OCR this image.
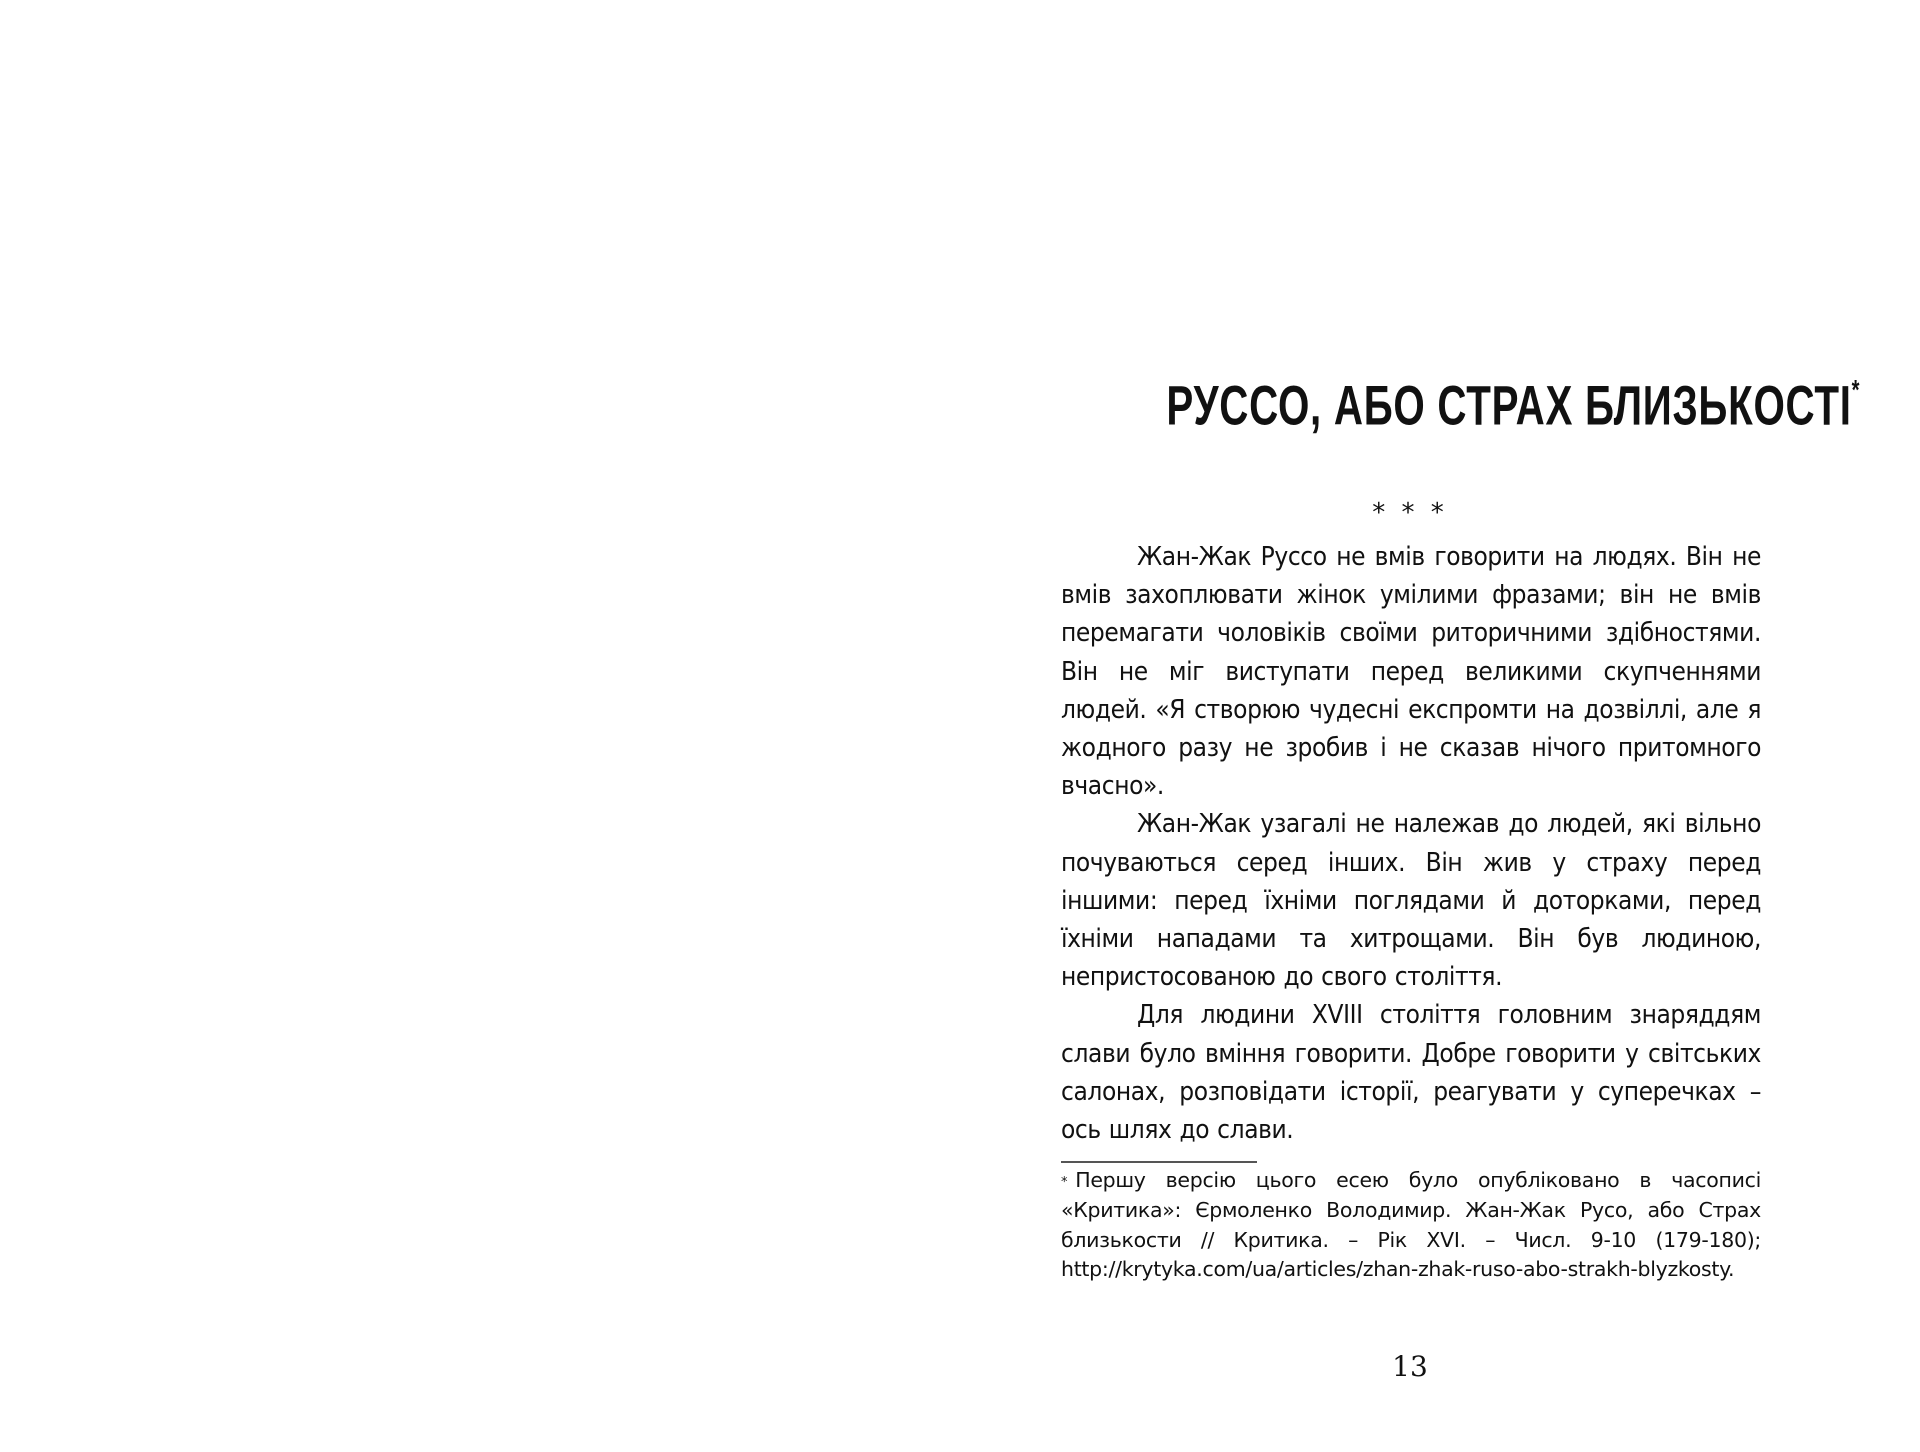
РУССО, АБО СТРАХ БЛИЗЬКОСТІ*
* * *

Жан-Жак Руссо не вмів говорити на людях. Він не вмів захоплювати жінок умілими фразами; він не вмів перемагати чоловіків своїми риторичними здібностями. Він не міг виступати перед великими скупченнями людей. «Я створюю чудесні експромти на дозвіллі, але я жодного разу не зробив і не сказав нічого притомного вчасно».

Жан-Жак узагалі не належав до людей, які вільно почуваються серед інших. Він жив у страху перед іншими: перед їхніми поглядами й доторками, перед їхніми нападами та хитрощами. Він був людиною, непристосованою до свого століття.

Для людини XVIII століття головним знаряддям слави було вміння говорити. Добре говорити у світських салонах, розповідати історії, реагувати у суперечках – ось шлях до слави.

* Першу версію цього есею було опубліковано в часописі «Критика»: Єрмоленко Володимир. Жан-Жак Русо, або Страх близькости // Критика. – Рік XVI. – Числ. 9-10 (179-180); http://krytyka.com/ua/articles/zhan-zhak-ruso-abo-strakh-blyzkosty.
13
